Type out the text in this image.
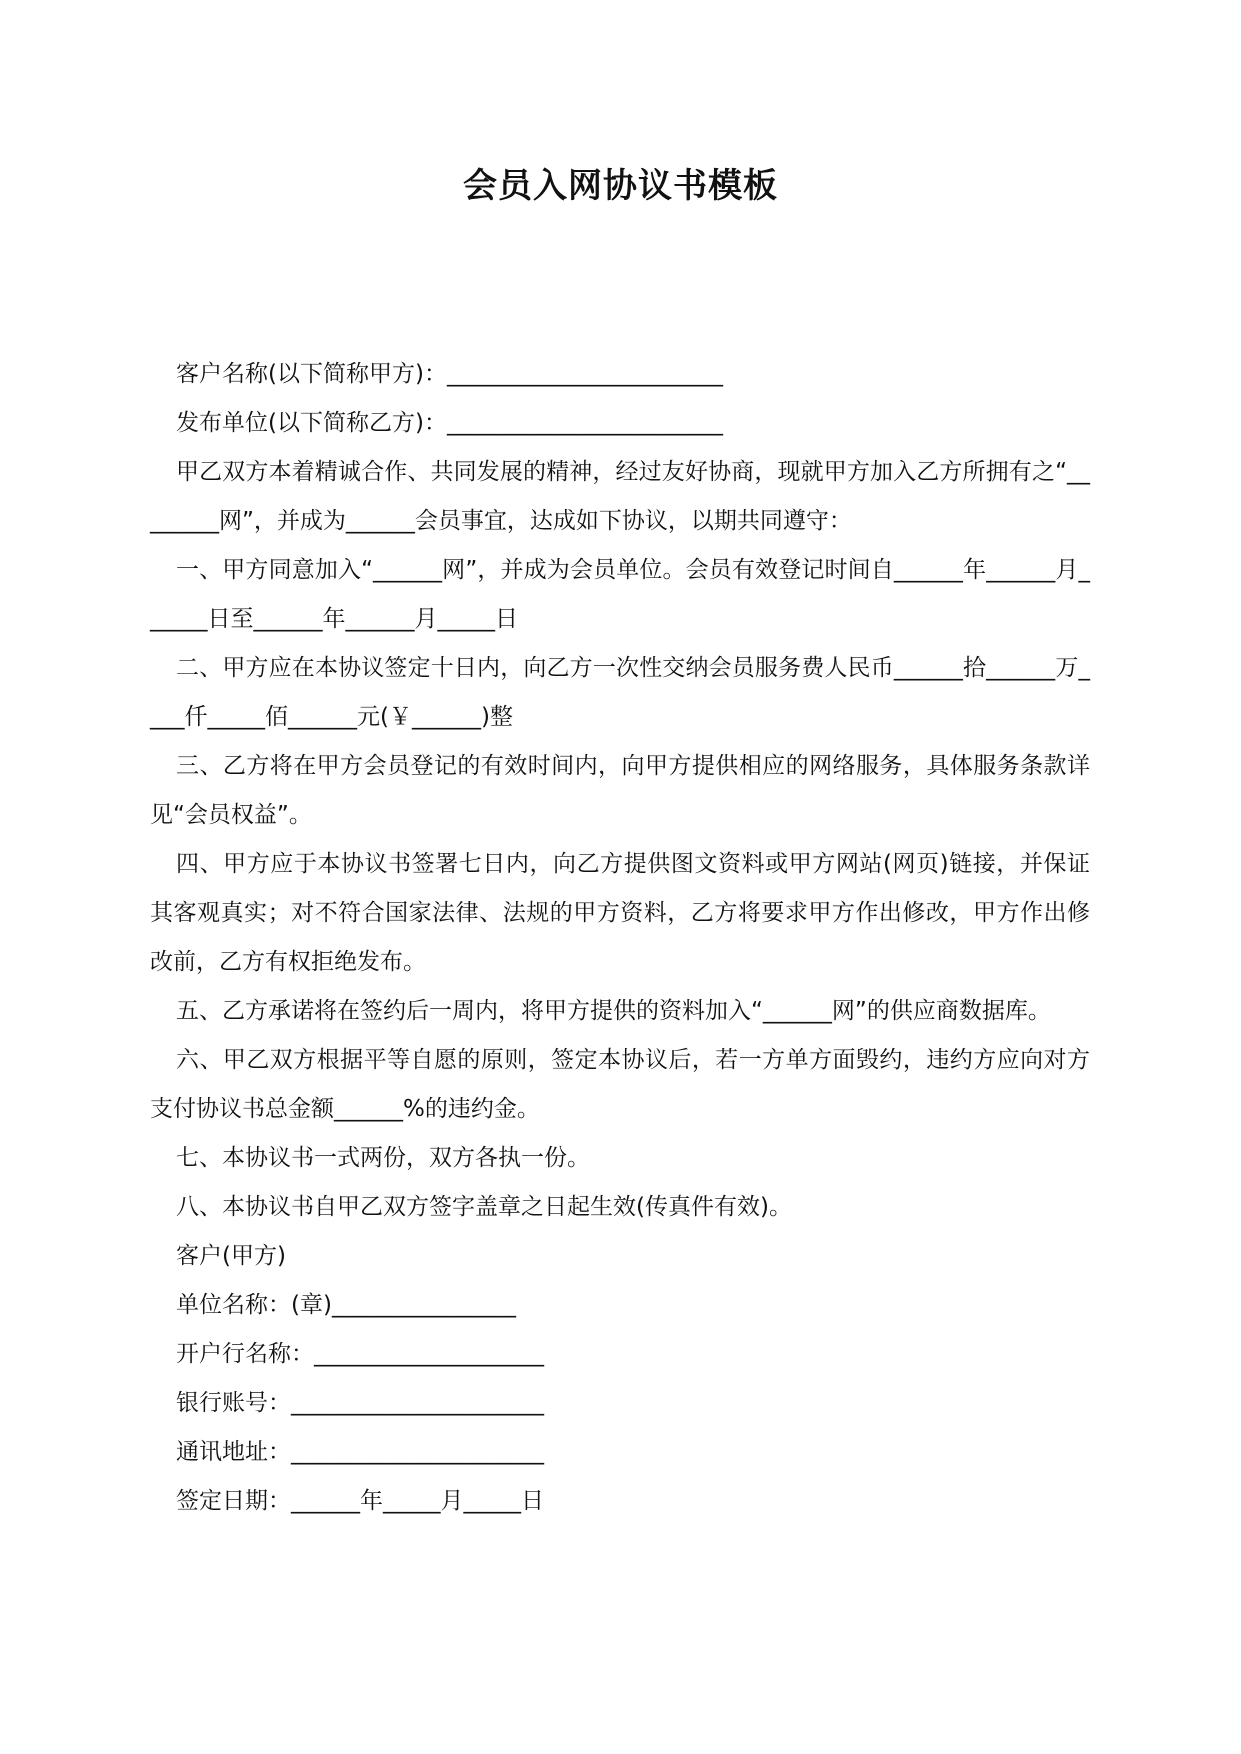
会员入网协议书模板

客户名称(以下简称甲方)：________________________

发布单位(以下简称乙方)：________________________

甲乙双方本着精诚合作、共同发展的精神，经过友好协商，现就甲方加入乙方所拥有之“________网”，并成为______会员事宜，达成如下协议，以期共同遵守：

一、甲方同意加入“______网”，并成为会员单位。会员有效登记时间自______年______月______日至______年______月_____日

二、甲方应在本协议签定十日内，向乙方一次性交纳会员服务费人民币______拾______万____仟_____佰______元(￥______)整

三、乙方将在甲方会员登记的有效时间内，向甲方提供相应的网络服务，具体服务条款详见“会员权益”。

四、甲方应于本协议书签署七日内，向乙方提供图文资料或甲方网站(网页)链接，并保证其客观真实；对不符合国家法律、法规的甲方资料，乙方将要求甲方作出修改，甲方作出修改前，乙方有权拒绝发布。

五、乙方承诺将在签约后一周内，将甲方提供的资料加入“______网”的供应商数据库。

六、甲乙双方根据平等自愿的原则，签定本协议后，若一方单方面毁约，违约方应向对方支付协议书总金额______%的违约金。

七、本协议书一式两份，双方各执一份。

八、本协议书自甲乙双方签字盖章之日起生效(传真件有效)。

客户(甲方)

单位名称：(章)________________

开户行名称：____________________

银行账号：______________________

通讯地址：______________________

签定日期：______年_____月_____日
